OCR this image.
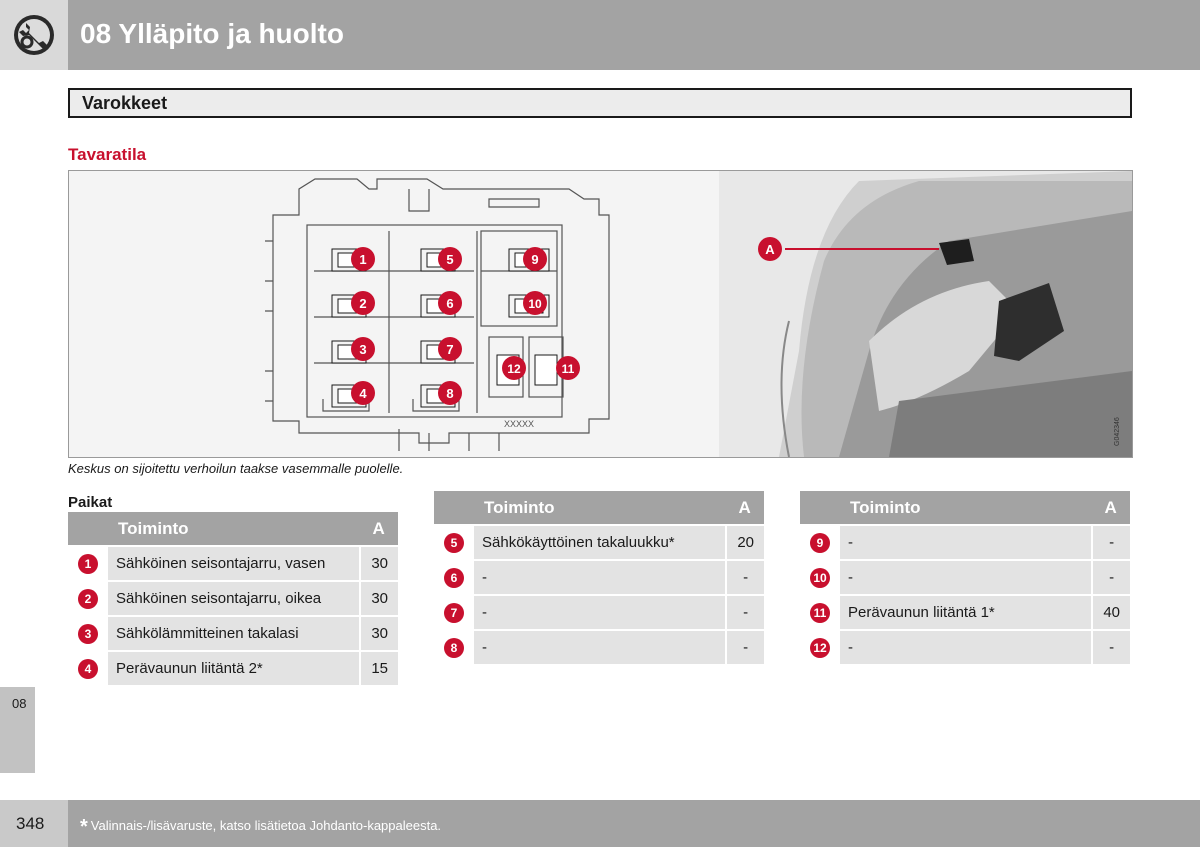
08 Ylläpito ja huolto
Varokkeet
Tavaratila
1
2
3
4
5
6
7
8
9
10
12	11
XXXXX
A
G042346
Keskus on sijoitettu verhoilun taakse vasemmalle puolelle.
Paikat
	Toiminto	A
1	Sähköinen seisontajarru, vasen	30
2	Sähköinen seisontajarru, oikea	30
3	Sähkölämmitteinen takalasi	30
4	Perävaunun liitäntä 2*	15
	Toiminto	A
5	Sähkökäyttöinen takaluukku*	20
6	-	-
7	-	-
8	-	-
	Toiminto	A
9	-	-
10	-	-
11	Perävaunun liitäntä 1*	40
12	-	-
08
348 * Valinnais-/lisävaruste, katso lisätietoa Johdanto-kappaleesta.
